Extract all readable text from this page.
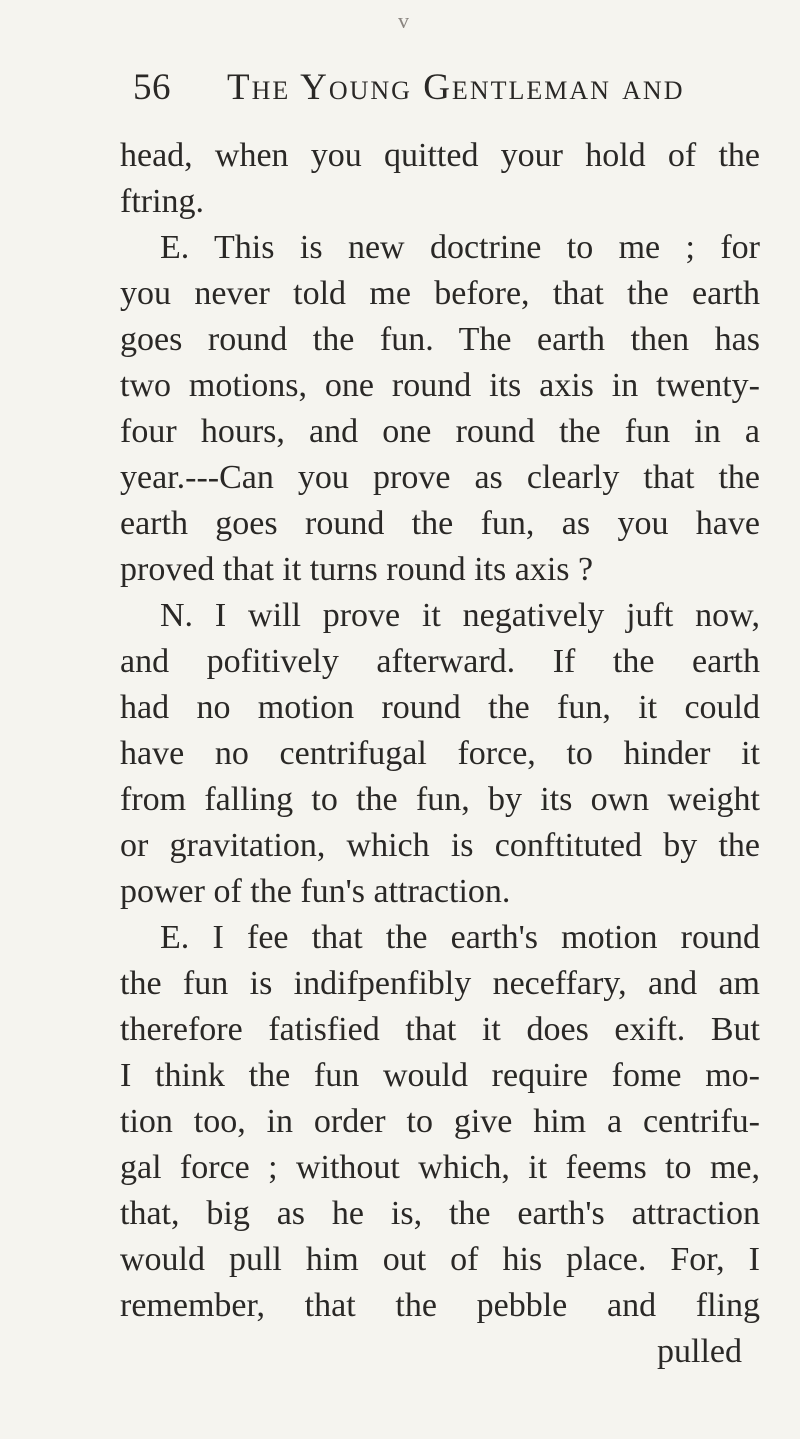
v
56 The Young Gentleman and
head, when you quitted your hold of the
ftring.
E. This is new doctrine to me ; for
you never told me before, that the earth
goes round the fun. The earth then has
two motions, one round its axis in twenty-
four hours, and one round the fun in a
year.---Can you prove as clearly that the
earth goes round the fun, as you have
proved that it turns round its axis ?
N. I will prove it negatively juft now,
and pofitively afterward. If the earth
had no motion round the fun, it could
have no centrifugal force, to hinder it
from falling to the fun, by its own weight
or gravitation, which is conftituted by the
power of the fun's attraction.
E. I fee that the earth's motion round
the fun is indifpenfibly neceffary, and am
therefore fatisfied that it does exift. But
I think the fun would require fome mo-
tion too, in order to give him a centrifu-
gal force ; without which, it feems to me,
that, big as he is, the earth's attraction
would pull him out of his place. For, I
remember, that the pebble and fling
pulled
